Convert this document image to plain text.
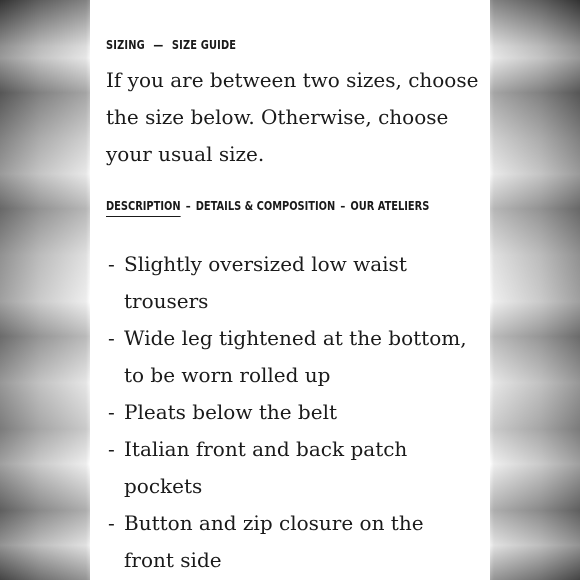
SIZING — SIZE GUIDE

If you are between two sizes, choose
the size below. Otherwise, choose
your usual size.

DESCRIPTION – DETAILS & COMPOSITION – OUR ATELIERS
- Slightly oversized low waist
trousers
- Wide leg tightened at the bottom,
to be worn rolled up
- Pleats below the belt
- Italian front and back patch
pockets
- Button and zip closure on the
front side
